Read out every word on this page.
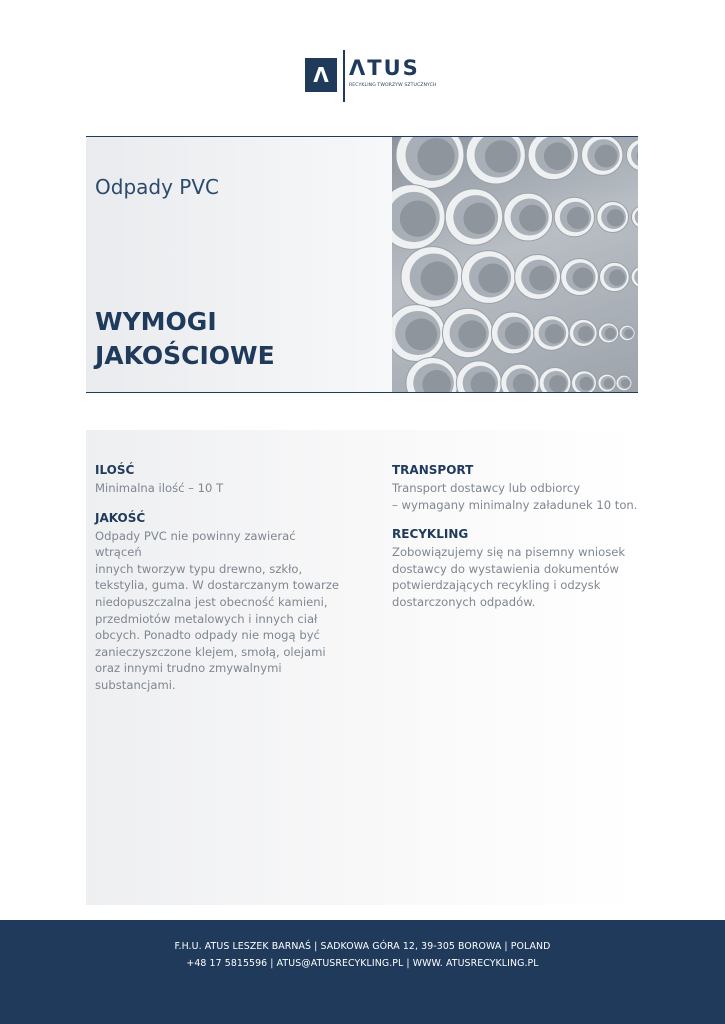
Λ ΛTUS
RECYKLING TWORZYW SZTUCZNYCH
Odpady PVC
WYMOGI
JAKOŚCIOWE
ILOŚĆ

Minimalna ilość – 10 T

JAKOŚĆ

Odpady PVC nie powinny zawierać wtrąceń
innych tworzyw typu drewno, szkło,
tekstylia, guma. W dostarczanym towarze
niedopuszczalna jest obecność kamieni,
przedmiotów metalowych i innych ciał
obcych. Ponadto odpady nie mogą być
zanieczyszczone klejem, smołą, olejami
oraz innymi trudno zmywalnymi
substancjami.

TRANSPORT

Transport dostawcy lub odbiorcy
– wymagany minimalny załadunek 10 ton.

RECYKLING

Zobowiązujemy się na pisemny wniosek
dostawcy do wystawienia dokumentów
potwierdzających recykling i odzysk
dostarczonych odpadów.

F.H.U. ATUS LESZEK BARNAŚ | SADKOWA GÓRA 12, 39-305 BOROWA | POLAND
+48 17 5815596 | ATUS@ATUSRECYKLING.PL | WWW. ATUSRECYKLING.PL
